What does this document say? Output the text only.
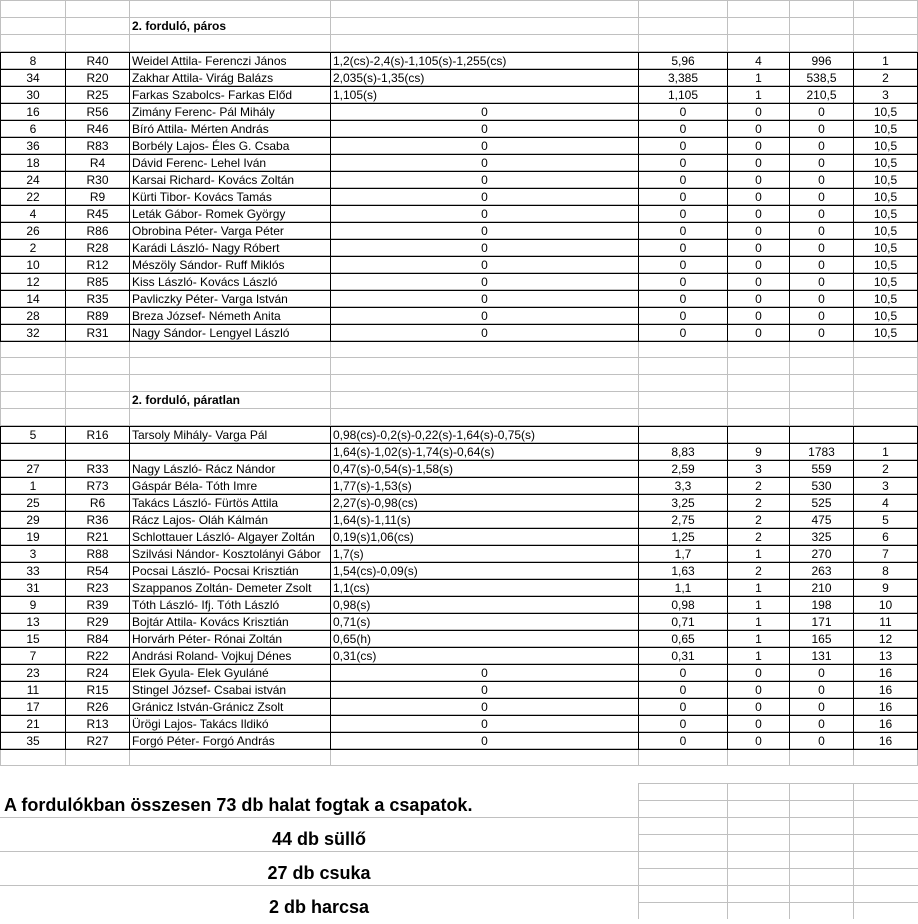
2. forduló, páros
8	R40	Weidel Attila- Ferenczi János	1,2(cs)-2,4(s)-1,105(s)-1,255(cs)	5,96	4	996	1
34	R20	Zakhar Attila- Virág Balázs	2,035(s)-1,35(cs)	3,385	1	538,5	2
30	R25	Farkas Szabolcs- Farkas Előd	1,105(s)	1,105	1	210,5	3
16	R56	Zimány Ferenc- Pál Mihály	0	0	0	0	10,5
6	R46	Bíró Attila- Mérten András	0	0	0	0	10,5
36	R83	Borbély Lajos- Éles G. Csaba	0	0	0	0	10,5
18	R4	Dávid Ferenc- Lehel Iván	0	0	0	0	10,5
24	R30	Karsai Richard- Kovács Zoltán	0	0	0	0	10,5
22	R9	Kürti Tibor- Kovács Tamás	0	0	0	0	10,5
4	R45	Leták Gábor- Romek György	0	0	0	0	10,5
26	R86	Obrobina Péter- Varga Péter	0	0	0	0	10,5
2	R28	Karádi László- Nagy Róbert	0	0	0	0	10,5
10	R12	Mészöly Sándor- Ruff Miklós	0	0	0	0	10,5
12	R85	Kiss László- Kovács László	0	0	0	0	10,5
14	R35	Pavliczky Péter- Varga István	0	0	0	0	10,5
28	R89	Breza József- Németh Anita	0	0	0	0	10,5
32	R31	Nagy Sándor- Lengyel László	0	0	0	0	10,5
2. forduló, páratlan
5	R16	Tarsoly Mihály- Varga Pál	0,98(cs)-0,2(s)-0,22(s)-1,64(s)-0,75(s)
1,64(s)-1,02(s)-1,74(s)-0,64(s)	8,83	9	1783	1
27	R33	Nagy László- Rácz Nándor	0,47(s)-0,54(s)-1,58(s)	2,59	3	559	2
1	R73	Gáspár Béla- Tóth Imre	1,77(s)-1,53(s)	3,3	2	530	3
25	R6	Takács László- Fürtös Attila	2,27(s)-0,98(cs)	3,25	2	525	4
29	R36	Rácz Lajos- Oláh Kálmán	1,64(s)-1,11(s)	2,75	2	475	5
19	R21	Schlottauer László- Algayer Zoltán	0,19(s)1,06(cs)	1,25	2	325	6
3	R88	Szilvási Nándor- Kosztolányi Gábor	1,7(s)	1,7	1	270	7
33	R54	Pocsai László- Pocsai Krisztián	1,54(cs)-0,09(s)	1,63	2	263	8
31	R23	Szappanos Zoltán- Demeter Zsolt	1,1(cs)	1,1	1	210	9
9	R39	Tóth László- Ifj. Tóth László	0,98(s)	0,98	1	198	10
13	R29	Bojtár Attila- Kovács Krisztián	0,71(s)	0,71	1	171	11
15	R84	Horvárh Péter- Rónai Zoltán	0,65(h)	0,65	1	165	12
7	R22	Andrási Roland- Vojkuj Dénes	0,31(cs)	0,31	1	131	13
23	R24	Elek Gyula- Elek Gyuláné	0	0	0	0	16
11	R15	Stingel József- Csabai istván	0	0	0	0	16
17	R26	Gránicz István-Gránicz Zsolt	0	0	0	0	16
21	R13	Ürögi Lajos- Takács Ildikó	0	0	0	0	16
35	R27	Forgó Péter- Forgó András	0	0	0	0	16
A fordulókban összesen 73 db halat fogtak a csapatok.
44 db süllő
27 db csuka
2 db harcsa
